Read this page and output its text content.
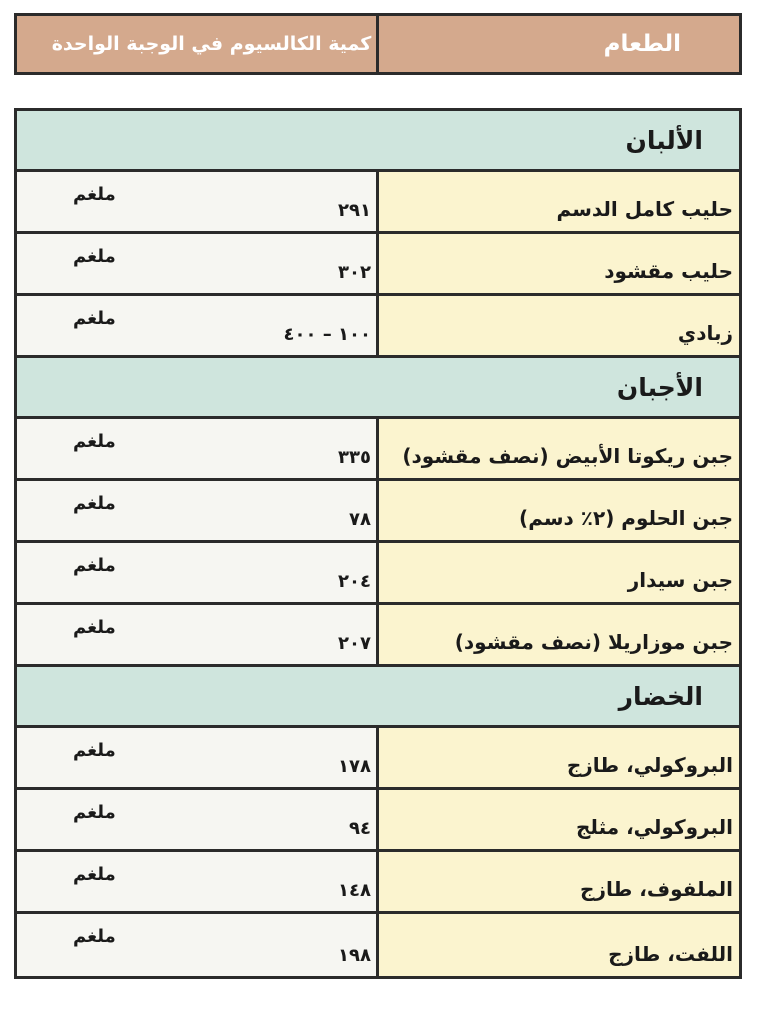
الطعام
كمية الكالسيوم في الوجبة الواحدة
الألبان
حليب كامل الدسم
٢٩١
ملغم
حليب مقشود
٣٠٢
ملغم
زبادي
١٠٠ – ٤٠٠
ملغم
الأجبان
جبن ريكوتا الأبيض (نصف مقشود)
٣٣٥
ملغم
جبن الحلوم (٢٪ دسم)
٧٨
ملغم
جبن سيدار
٢٠٤
ملغم
جبن موزاريلا (نصف مقشود)
٢٠٧
ملغم
الخضار
البروكولي، طازج
١٧٨
ملغم
البروكولي، مثلج
٩٤
ملغم
الملفوف، طازج
١٤٨
ملغم
اللفت، طازج
١٩٨
ملغم
